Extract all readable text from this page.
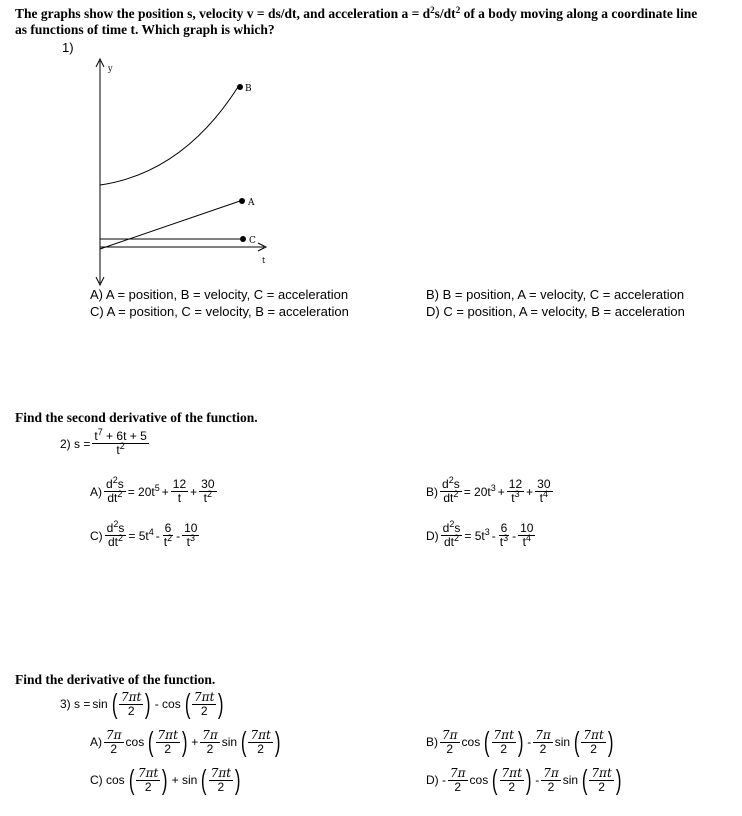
The graphs show the position s, velocity v = ds/dt, and acceleration $a = d^2s/dt^2$ of a body moving along a coordinate line
as functions of time t. Which graph is which?
1)
y
t
B
A
C
A) A = position, B = velocity, C = acceleration	B) B = position, A = velocity, C = acceleration
C) A = position, C = velocity, B = acceleration	D) C = position, A = velocity, B = acceleration
Find the second derivative of the function.
2) $s = \frac{t^7 + 6t + 5}{t^2}$
$A) \frac{d^2s}{dt^2} = 20t^5 + \frac{12}{t} + \frac{30}{t^2}$	$B) \frac{d^2s}{dt^2} = 20t^3 + \frac{12}{t^3} + \frac{30}{t^4}$
$C) \frac{d^2s}{dt^2} = 5t^4 - \frac{6}{t^2} - \frac{10}{t^3}$	$D) \frac{d^2s}{dt^2} = 5t^3 - \frac{6}{t^3} - \frac{10}{t^4}$
Find the derivative of the function.
3) s = sin ( $\frac{7\pi t}{2}$ ) - cos ( $\frac{7\pi t}{2}$ )
$A) \frac{7\pi}{2}$ cos ( $\frac{7\pi t}{2}$ ) + $\frac{7\pi}{2}$ sin ( $\frac{7\pi t}{2}$ )	$B) \frac{7\pi}{2}$ cos ( $\frac{7\pi t}{2}$ ) - $\frac{7\pi}{2}$ sin ( $\frac{7\pi t}{2}$ )
C) cos ( $\frac{7\pi t}{2}$ ) + sin ( $\frac{7\pi t}{2}$ )	$D) - \frac{7\pi}{2}$ cos ( $\frac{7\pi t}{2}$ ) - $\frac{7\pi}{2}$ sin ( $\frac{7\pi t}{2}$ )
